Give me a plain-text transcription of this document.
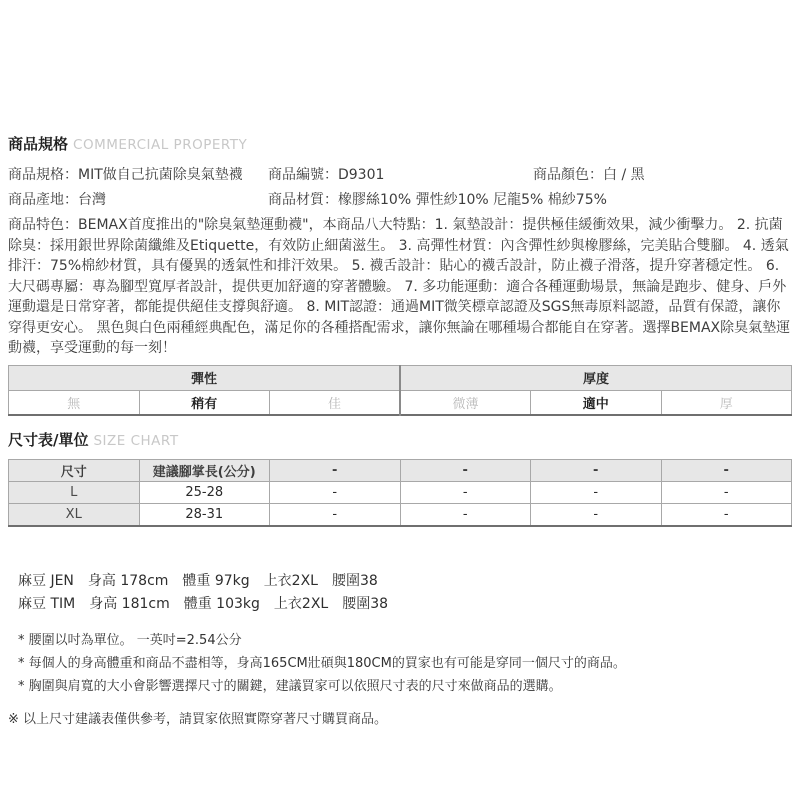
商品規格 COMMERCIAL PROPERTY
商品規格：MIT做自己抗菌除臭氣墊襪	商品編號：D9301	商品顏色：白 / 黑
商品產地：台灣	商品材質：橡膠絲10% 彈性紗10% 尼龍5% 棉紗75%
商品特色：BEMAX首度推出的"除臭氣墊運動襪"，本商品八大特點：1. 氣墊設計：提供極佳緩衝效果，減少衝擊力。 2. 抗菌除臭：採用銀世界除菌纖維及Etiquette，有效防止細菌滋生。 3. 高彈性材質：內含彈性紗與橡膠絲，完美貼合雙腳。 4. 透氣排汗：75%棉紗材質，具有優異的透氣性和排汗效果。 5. 襪舌設計：貼心的襪舌設計，防止襪子滑落，提升穿著穩定性。 6. 大尺碼專屬：專為腳型寬厚者設計，提供更加舒適的穿著體驗。 7. 多功能運動：適合各種運動場景，無論是跑步、健身、戶外運動還是日常穿著，都能提供絕佳支撐與舒適。 8. MIT認證：通過MIT微笑標章認證及SGS無毒原料認證，品質有保證，讓你穿得更安心。 黑色與白色兩種經典配色，滿足你的各種搭配需求，讓你無論在哪種場合都能自在穿著。選擇BEMAX除臭氣墊運動襪，享受運動的每一刻！
彈性			厚度		
無	稍有	佳	微薄	適中	厚
尺寸表/單位 SIZE CHART
尺寸	建議腳掌長(公分)	-	-	-	-
L	25-28	-	-	-	-
XL	28-31	-	-	-	-
麻豆 JEN 身高 178cm 體重 97kg 上衣2XL 腰圍38
麻豆 TIM 身高 181cm 體重 103kg 上衣2XL 腰圍38
* 腰圍以吋為單位。 一英吋=2.54公分
* 每個人的身高體重和商品不盡相等，身高165CM壯碩與180CM的買家也有可能是穿同一個尺寸的商品。
* 胸圍與肩寬的大小會影響選擇尺寸的關鍵，建議買家可以依照尺寸表的尺寸來做商品的選購。
※ 以上尺寸建議表僅供參考，請買家依照實際穿著尺寸購買商品。
